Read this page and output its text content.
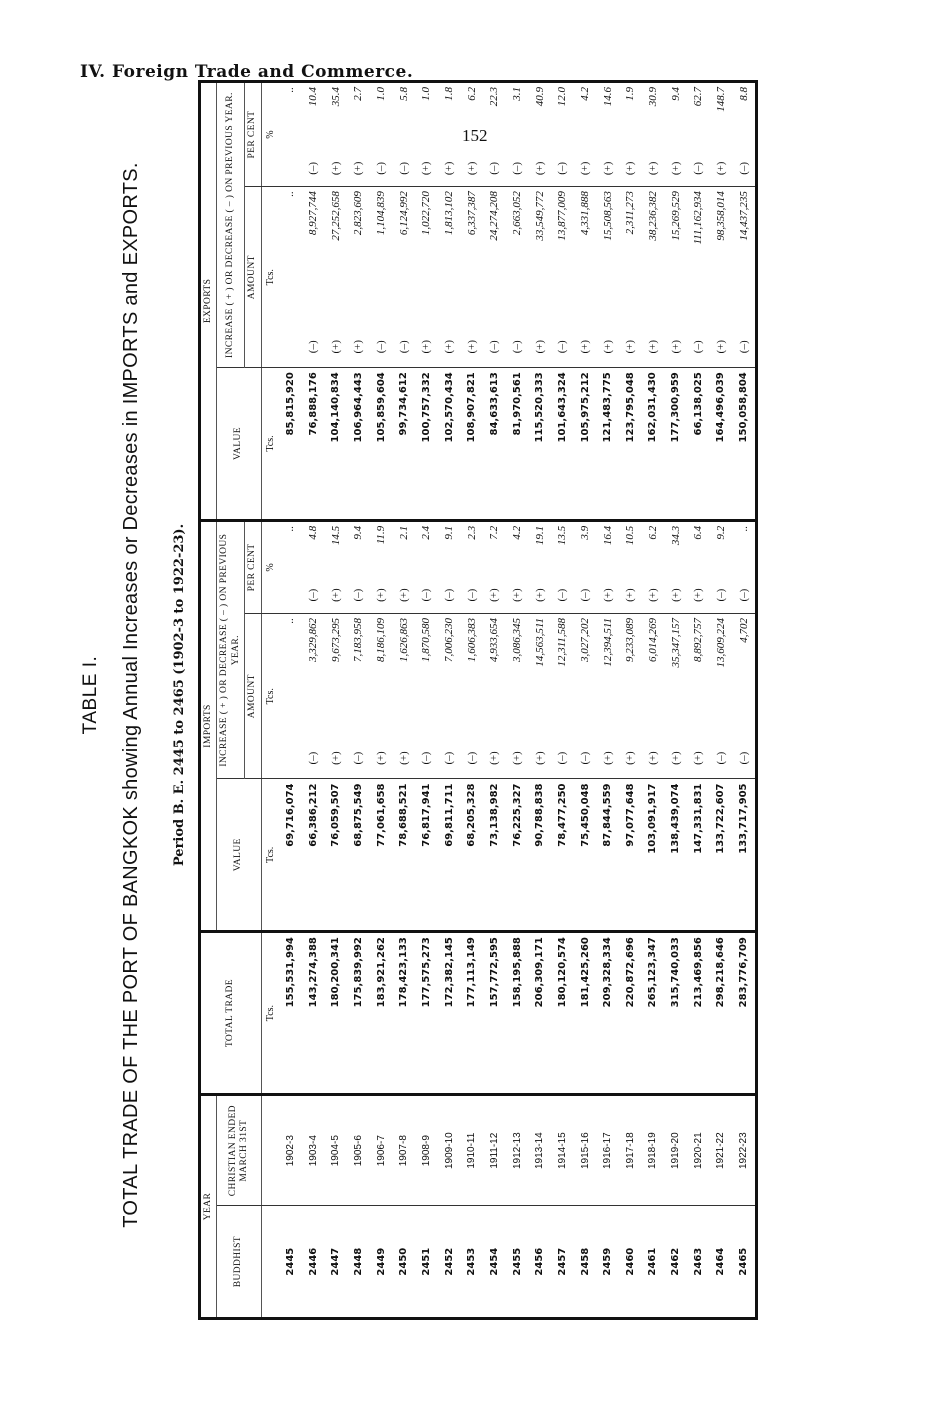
IV. Foreign Trade and Commerce.
152
TABLE I. TOTAL TRADE OF THE PORT OF BANGKOK showing Annual Increases or Decreases in IMPORTS and EXPORTS. Period B. E. 2445 to 2465 (1902-3 to 1922-23).
YEAR		TOTAL TRADE	IMPORTS					EXPORTS				
BUDDHIST	CHRISTIAN ENDED MARCH 31ST		VALUE	INCREASE ( + ) OR DECREASE ( – ) ON PREVIOUS YEAR.				VALUE	INCREASE ( + ) OR DECREASE ( – ) ON PREVIOUS YEAR.			
				AMOUNT		PER CENT			AMOUNT		PER CENT	
		Tcs.	Tcs.	Tcs.		%		Tcs.	Tcs.		%	
2445	1902-3	155,531,994	69,716,074		..		..	85,815,920		..		..
2446	1903-4	143,274,388	66,386,212	(–)	3,329,862	(–)	4.8	76,888,176	(–)	8,927,744	(–)	10.4
2447	1904-5	180,200,341	76,059,507	(+)	9,673,295	(+)	14.5	104,140,834	(+)	27,252,658	(+)	35.4
2448	1905-6	175,839,992	68,875,549	(–)	7,183,958	(–)	9.4	106,964,443	(+)	2,823,609	(+)	2.7
2449	1906-7	183,921,262	77,061,658	(+)	8,186,109	(+)	11.9	105,859,604	(–)	1,104,839	(–)	1.0
2450	1907-8	178,423,133	78,688,521	(+)	1,626,863	(+)	2.1	99,734,612	(–)	6,124,992	(–)	5.8
2451	1908-9	177,575,273	76,817,941	(–)	1,870,580	(–)	2.4	100,757,332	(+)	1,022,720	(+)	1.0
2452	1909-10	172,382,145	69,811,711	(–)	7,006,230	(–)	9.1	102,570,434	(+)	1,813,102	(+)	1.8
2453	1910-11	177,113,149	68,205,328	(–)	1,606,383	(–)	2.3	108,907,821	(+)	6,337,387	(+)	6.2
2454	1911-12	157,772,595	73,138,982	(+)	4,933,654	(+)	7.2	84,633,613	(–)	24,274,208	(–)	22.3
2455	1912-13	158,195,888	76,225,327	(+)	3,086,345	(+)	4.2	81,970,561	(–)	2,663,052	(–)	3.1
2456	1913-14	206,309,171	90,788,838	(+)	14,563,511	(+)	19.1	115,520,333	(+)	33,549,772	(+)	40.9
2457	1914-15	180,120,574	78,477,250	(–)	12,311,588	(–)	13.5	101,643,324	(–)	13,877,009	(–)	12.0
2458	1915-16	181,425,260	75,450,048	(–)	3,027,202	(–)	3.9	105,975,212	(+)	4,331,888	(+)	4.2
2459	1916-17	209,328,334	87,844,559	(+)	12,394,511	(+)	16.4	121,483,775	(+)	15,508,563	(+)	14.6
2460	1917-18	220,872,696	97,077,648	(+)	9,233,089	(+)	10.5	123,795,048	(+)	2,311,273	(+)	1.9
2461	1918-19	265,123,347	103,091,917	(+)	6,014,269	(+)	6.2	162,031,430	(+)	38,236,382	(+)	30.9
2462	1919-20	315,740,033	138,439,074	(+)	35,347,157	(+)	34.3	177,300,959	(+)	15,269,529	(+)	9.4
2463	1920-21	213,469,856	147,331,831	(+)	8,892,757	(+)	6.4	66,138,025	(–)	111,162,934	(–)	62.7
2464	1921-22	298,218,646	133,722,607	(–)	13,609,224	(–)	9.2	164,496,039	(+)	98,358,014	(+)	148.7
2465	1922-23	283,776,709	133,717,905	(–)	4,702	(–)	..	150,058,804	(–)	14,437,235	(–)	8.8
